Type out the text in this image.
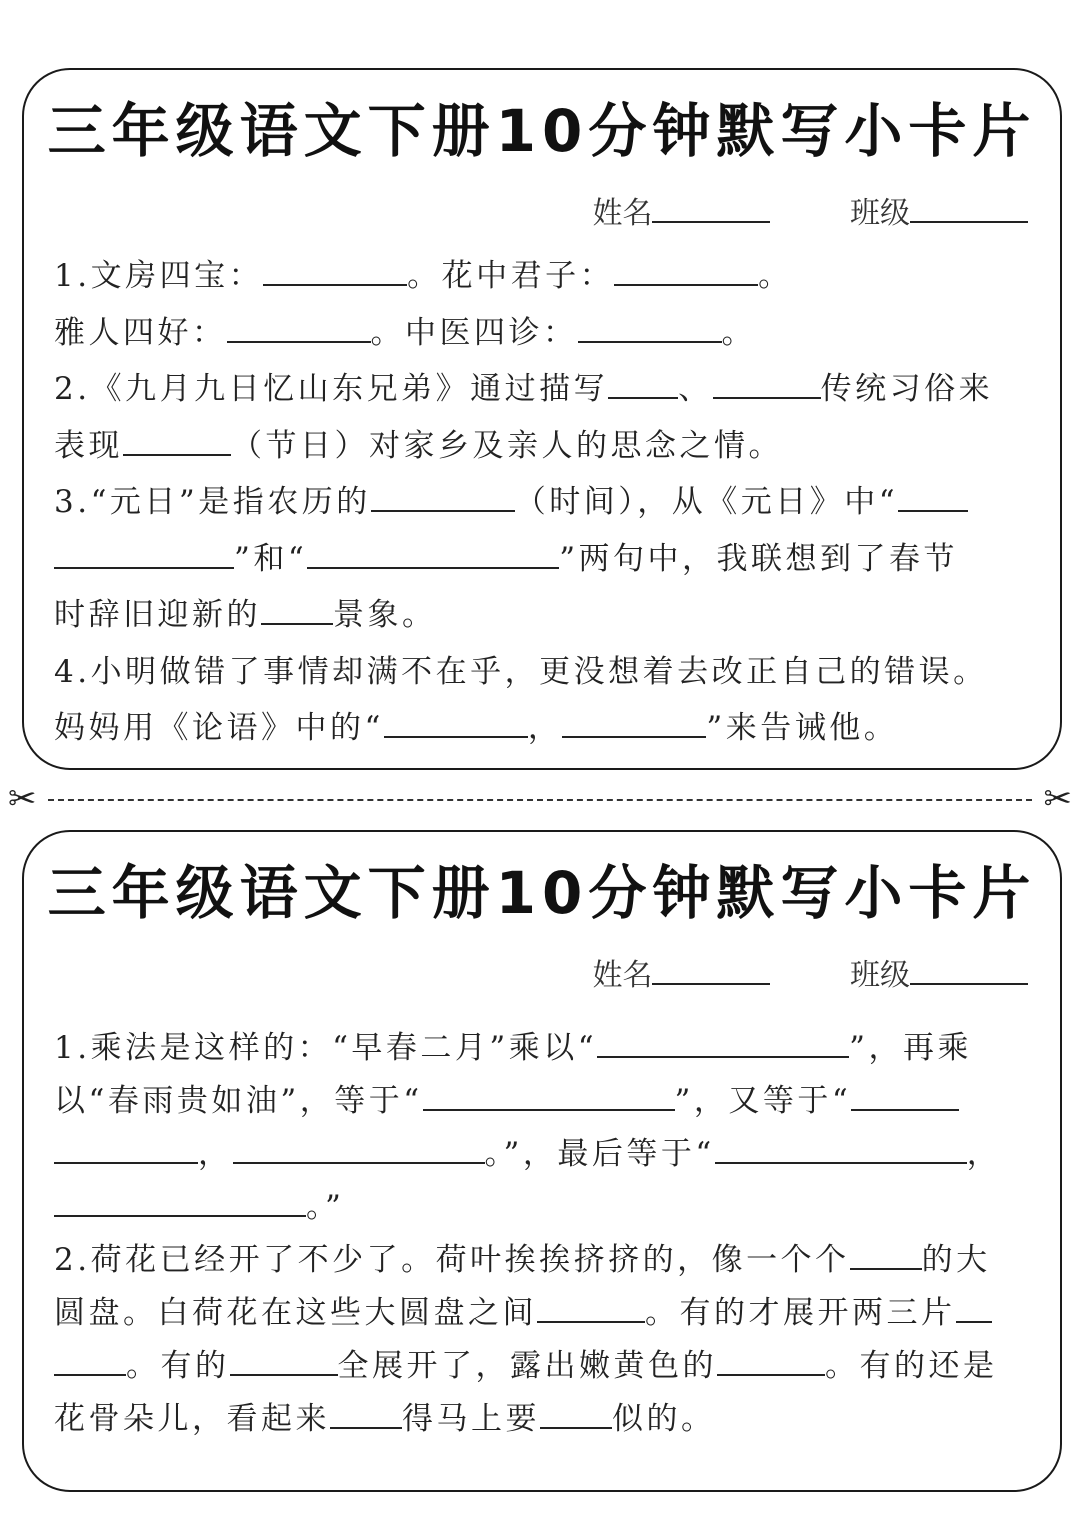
三年级语文下册10分钟默写小卡片
姓名	班级
1.文房四宝：	。花中君子：	。
雅人四好：	。中医四诊：	。
2.《九月九日忆山东兄弟》通过描写 、	传统习俗来
表现	（节日）对家乡及亲人的思念之情。
3.“元日”是指农历的	（时间），从《元日》中“
”和“	”两句中，我联想到了春节
时辞旧迎新的 景象。
4.小明做错了事情却满不在乎，更没想着去改正自己的错误。
妈妈用《论语》中的“	，	”来告诫他。
✂	✂
三年级语文下册10分钟默写小卡片
姓名	班级
1.乘法是这样的：“早春二月”乘以“	”，再乘
以“春雨贵如油”，等于“	”，又等于“
，	。”，最后等于“	，
。”
2.荷花已经开了不少了。荷叶挨挨挤挤的，像一个个 的大
圆盘。白荷花在这些大圆盘之间	。有的才展开两三片
。有的	全展开了，露出嫩黄色的	。有的还是
花骨朵儿，看起来 得马上要 似的。
